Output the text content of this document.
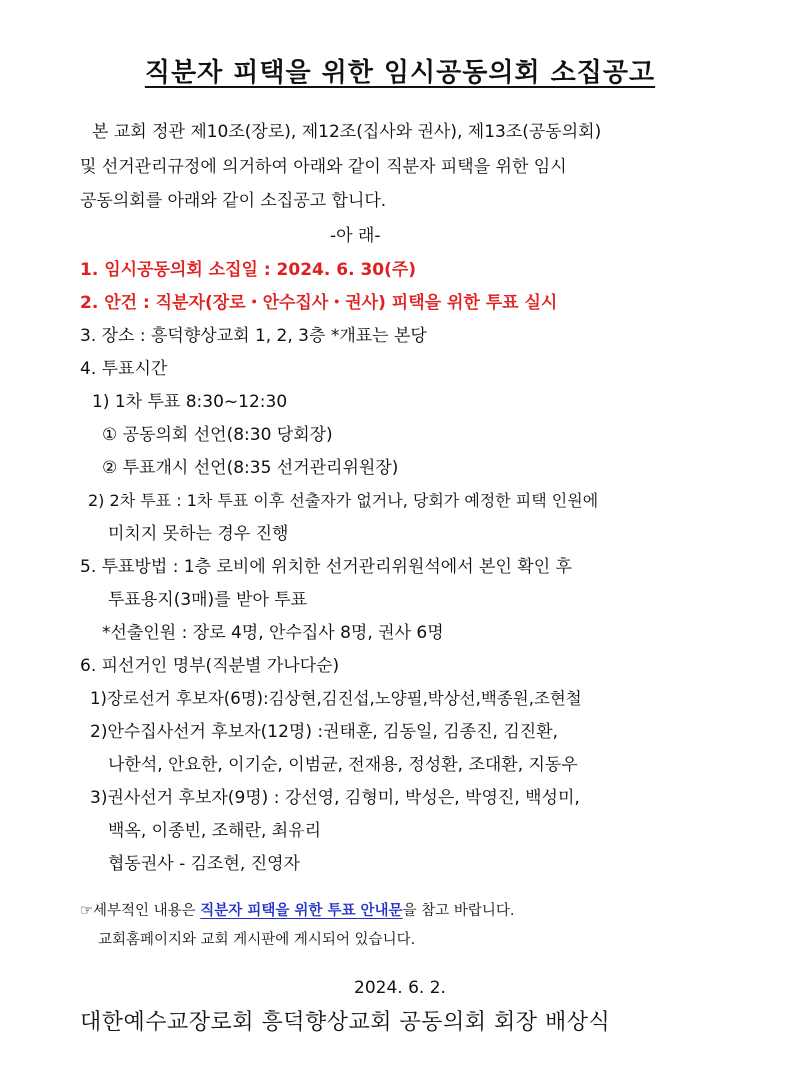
직분자 피택을 위한 임시공동의회 소집공고
본 교회 정관 제10조(장로), 제12조(집사와 권사), 제13조(공동의회)
및 선거관리규정에 의거하여 아래와 같이 직분자 피택을 위한 임시
공동의회를 아래와 같이 소집공고 합니다.
-아 래-
1. 임시공동의회 소집일 : 2024. 6. 30(주)
2. 안건 : 직분자(장로・안수집사・권사) 피택을 위한 투표 실시
3. 장소 : 흥덕향상교회 1, 2, 3층 *개표는 본당
4. 투표시간
1) 1차 투표 8:30~12:30
① 공동의회 선언(8:30 당회장)
② 투표개시 선언(8:35 선거관리위원장)
2) 2차 투표 : 1차 투표 이후 선출자가 없거나, 당회가 예정한 피택 인원에
미치지 못하는 경우 진행
5. 투표방법 : 1층 로비에 위치한 선거관리위원석에서 본인 확인 후
투표용지(3매)를 받아 투표
*선출인원 : 장로 4명, 안수집사 8명, 권사 6명
6. 피선거인 명부(직분별 가나다순)
1)장로선거 후보자(6명):김상현,김진섭,노양필,박상선,백종원,조현철
2)안수집사선거 후보자(12명) :권태훈, 김동일, 김종진, 김진환,
나한석, 안요한, 이기순, 이범균, 전재용, 정성환, 조대환, 지동우
3)권사선거 후보자(9명) : 강선영, 김형미, 박성은, 박영진, 백성미,
백옥, 이종빈, 조해란, 최유리
협동권사 - 김조현, 진영자
☞세부적인 내용은 직분자 피택을 위한 투표 안내문을 참고 바랍니다.
교회홈페이지와 교회 게시판에 게시되어 있습니다.
2024. 6. 2.
대한예수교장로회 흥덕향상교회 공동의회 회장 배상식
